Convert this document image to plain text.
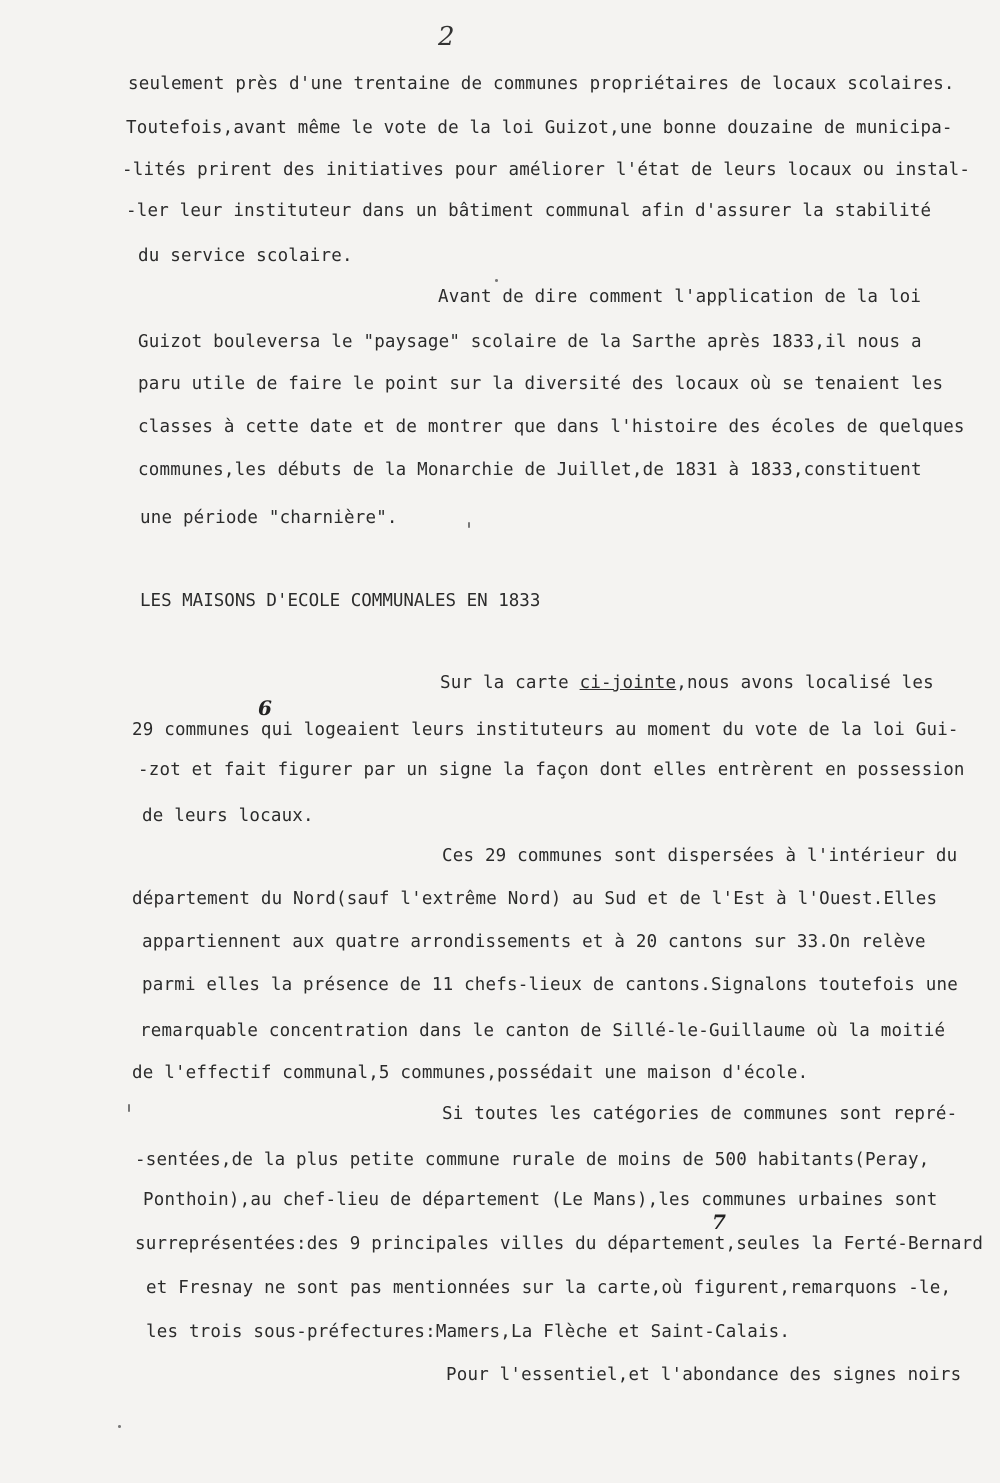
2
seulement près d'une trentaine de communes propriétaires de locaux scolaires.
Toutefois,avant même le vote de la loi Guizot,une bonne douzaine de municipa-
-lités prirent des initiatives pour améliorer l'état de leurs locaux ou instal-
-ler leur instituteur dans un bâtiment communal afin d'assurer la stabilité
du service scolaire.
Avant de dire comment l'application de la loi
Guizot bouleversa le "paysage" scolaire de la Sarthe après 1833,il nous a
paru utile de faire le point sur la diversité des locaux où se tenaient les
classes à cette date et de montrer que dans l'histoire des écoles de quelques
communes,les débuts de la Monarchie de Juillet,de 1831 à 1833,constituent
une période "charnière".
LES MAISONS D'ECOLE COMMUNALES EN 1833
Sur la carte ci-jointe,nous avons localisé les
6
29 communes qui logeaient leurs instituteurs au moment du vote de la loi Gui-
-zot et fait figurer par un signe la façon dont elles entrèrent en possession
de leurs locaux.
Ces 29 communes sont dispersées à l'intérieur du
département du Nord(sauf l'extrême Nord) au Sud et de l'Est à l'Ouest.Elles
appartiennent aux quatre arrondissements et à 20 cantons sur 33.On relève
parmi elles la présence de 11 chefs-lieux de cantons.Signalons toutefois une
remarquable concentration dans le canton de Sillé-le-Guillaume où la moitié
de l'effectif communal,5 communes,possédait une maison d'école.
Si toutes les catégories de communes sont repré-
-sentées,de la plus petite commune rurale de moins de 500 habitants(Peray,
Ponthoin),au chef-lieu de département (Le Mans),les communes urbaines sont
7
surreprésentées:des 9 principales villes du département,seules la Ferté-Bernard
et Fresnay ne sont pas mentionnées sur la carte,où figurent,remarquons -le,
les trois sous-préfectures:Mamers,La Flèche et Saint-Calais.
Pour l'essentiel,et l'abondance des signes noirs
